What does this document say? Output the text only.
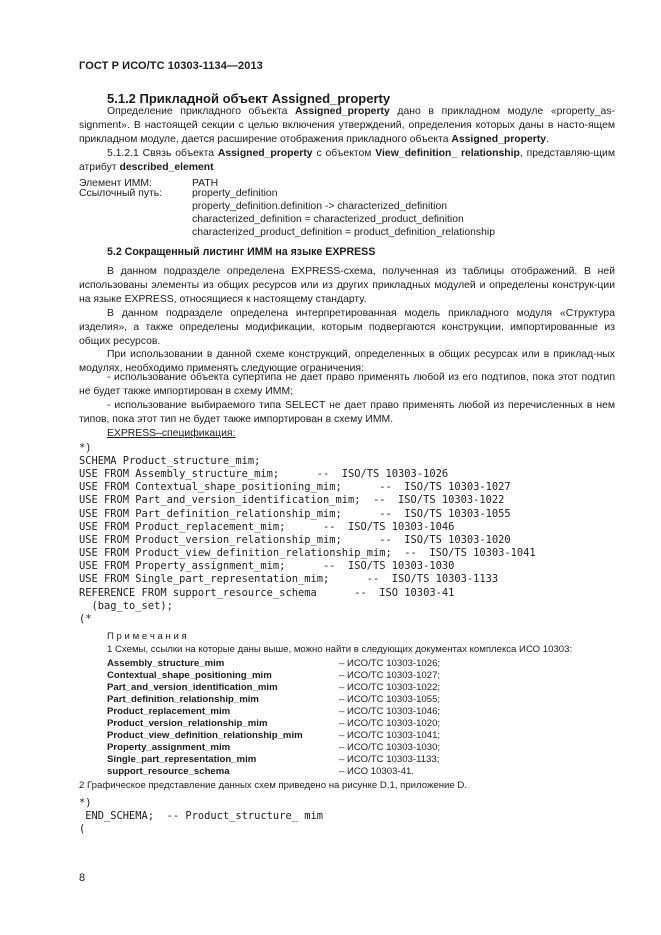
ГОСТ Р ИСО/ТС 10303-1134—2013
5.1.2 Прикладной объект Assigned_property

Определение прикладного объекта Assigned_property дано в прикладном модуле «property_as-signment». В настоящей секции с целью включения утверждений, определения которых даны в насто-ящем прикладном модуле, дается расширение отображения прикладного объекта Assigned_property.

5.1.2.1 Связь объекта Assigned_property с объектом View_definition_ relationship, представляю-щим атрибут described_element

Элемент ИММ:	PATH
Ссылочный путь:	property_definition
property_definition.definition -> characterized_definition
characterized_definition = characterized_product_definition
characterized_product_definition = product_definition_relationship
5.2 Сокращенный листинг ИММ на языке EXPRESS

В данном подразделе определена EXPRESS-схема, полученная из таблицы отображений. В ней использованы элементы из общих ресурсов или из других прикладных модулей и определены конструк-ции на языке EXPRESS, относящиеся к настоящему стандарту.

В данном подразделе определена интерпретированная модель прикладного модуля «Структура изделия», а также определены модификации, которым подвергаются конструкции, импортированные из общих ресурсов.

При использовании в данной схеме конструкций, определенных в общих ресурсах или в приклад-ных модулях, необходимо применять следующие ограничения:

- использование объекта супертипа не дает право применять любой из его подтипов, пока этот подтип не будет также импортирован в схему ИММ;

- использование выбираемого типа SELECT не дает право применять любой из перечисленных в нем типов, пока этот тип не будет также импортирован в схему ИММ.

EXPRESS–спецификация:
*)
SCHEMA Product_structure_mim;
USE FROM Assembly_structure_mim;      --  ISO/TS 10303-1026
USE FROM Contextual_shape_positioning_mim;      --  ISO/TS 10303-1027
USE FROM Part_and_version_identification_mim;  --  ISO/TS 10303-1022
USE FROM Part_definition_relationship_mim;      --  ISO/TS 10303-1055
USE FROM Product_replacement_mim;      --  ISO/TS 10303-1046
USE FROM Product_version_relationship_mim;      --  ISO/TS 10303-1020
USE FROM Product_view_definition_relationship_mim;  --  ISO/TS 10303-1041
USE FROM Property_assignment_mim;      --  ISO/TS 10303-1030
USE FROM Single_part_representation_mim;      --  ISO/TS 10303-1133
REFERENCE FROM support_resource_schema      --  ISO 10303-41
(bag_to_set);
(*
П р и м е ч а н и я
1 Схемы, ссылки на которые даны выше, можно найти в следующих документах комплекса ИСО 10303:
Assembly_structure_mim	– ИСО/ТС 10303-1026;
Contextual_shape_positioning_mim	– ИСО/ТС 10303-1027;
Part_and_version_identification_mim	– ИСО/ТС 10303-1022;
Part_definition_relationship_mim	– ИСО/ТС 10303-1055;
Product_replacement_mim	– ИСО/ТС 10303-1046;
Product_version_relationship_mim	– ИСО/ТС 10303-1020;
Product_view_definition_relationship_mim	– ИСО/ТС 10303-1041;
Property_assignment_mim	– ИСО/ТС 10303-1030;
Single_part_representation_mim	– ИСО/ТС 10303-1133;
support_resource_schema	– ИСО 10303-41.
2 Графическое представление данных схем приведено на рисунке D.1, приложение D.
*)
END_SCHEMA;  -- Product_structure_ mim
(
8
